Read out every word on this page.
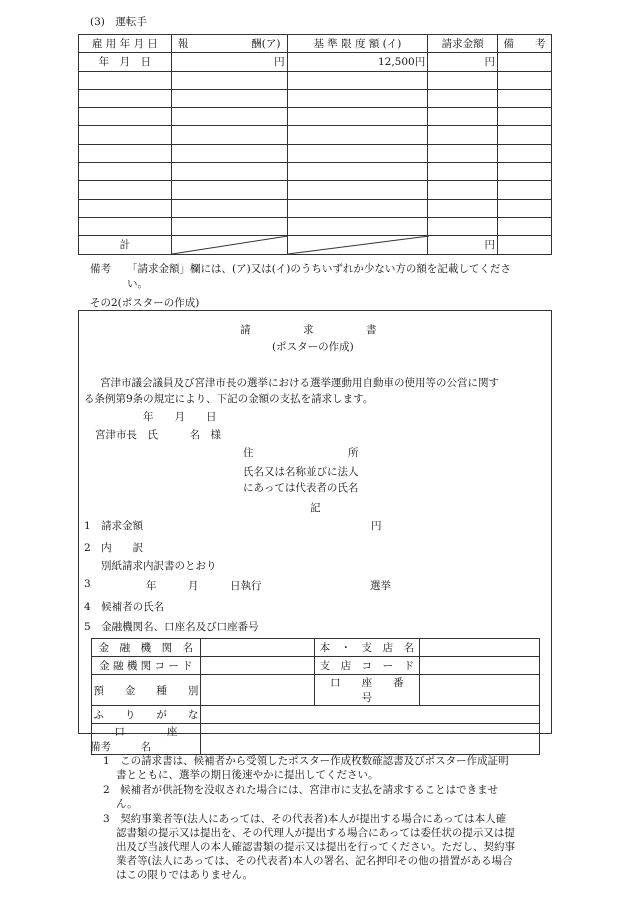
(3)　運転手
雇 用 年 月 日	報　　　　　　酬(ア)	基 準 限 度 額 (イ)	請求金額	備　　考
年　月　日	円	12,500円	円	

計			円	
備考 「請求金額」欄には、(ア)又は(イ)のうちいずれか少ない方の額を記載してくださ
い。
その2(ポスターの作成)
請　　　　　求　　　　　書
(ポスターの作成)
宮津市議会議員及び宮津市長の選挙における選挙運動用自動車の使用等の公営に関す
る条例第9条の規定により、下記の金額の支払を請求します。
年　　月　　日
宮津市長　氏　　　名　様
住　　　　　　　　　所
氏名又は名称並びに法人
にあっては代表者の氏名
記
1　請求金額	円
2　内　　訳
別紙請求内訳書のとおり
3	年　　　月　　　日執行	選挙
4　候補者の氏名
5　金融機関名、口座名及び口座番号
金　融　機　関　名		本　・　支　店　名	
金 融 機 関 コ ー ド		支　店　コ　ー　ド	
預　　金　　種　　別		口　　座　　番　　号	
ふ　　り　　が　　な			
口　　　　座　　　　名			
備考
1　この請求書は、候補者から受領したポスター作成枚数確認書及びポスター作成証明
書とともに、選挙の期日後速やかに提出してください。
2　候補者が供託物を没収された場合には、宮津市に支払を請求することはできませ
ん。
3　契約事業者等(法人にあっては、その代表者)本人が提出する場合にあっては本人確
認書類の提示又は提出を、その代理人が提出する場合にあっては委任状の提示又は提
出及び当該代理人の本人確認書類の提示又は提出を行ってください。ただし、契約事
業者等(法人にあっては、その代表者)本人の署名、記名押印その他の措置がある場合
はこの限りではありません。
